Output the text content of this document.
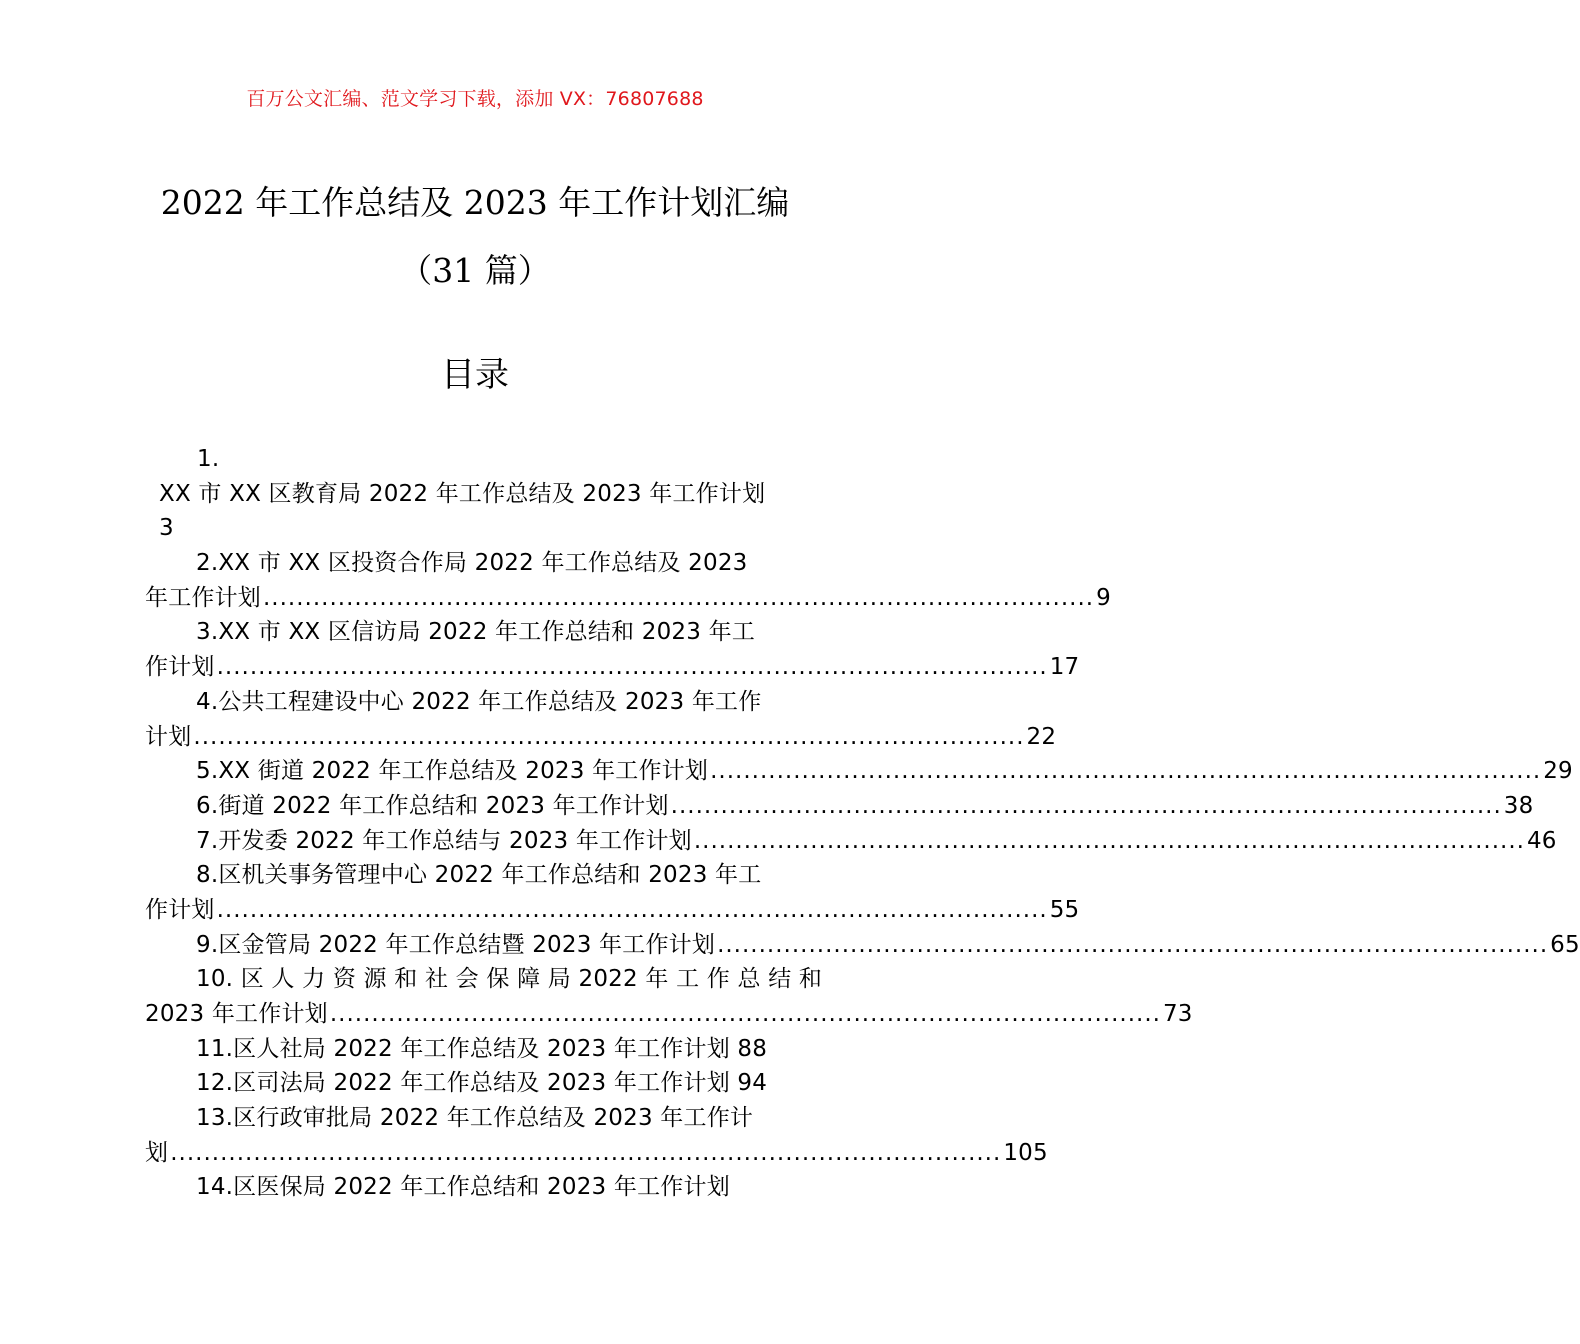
百万公文汇编、范文学习下载，添加 VX：76807688
2022 年工作总结及 2023 年工作计划汇编
（31 篇）
目录
1.
XX 市 XX 区教育局 2022 年工作总结及 2023 年工作计划
3
2.XX 市 XX 区投资合作局 2022 年工作总结及 2023
年工作计划 .................................................................................................... 9
3.XX 市 XX 区信访局 2022 年工作总结和 2023 年工
作计划 .................................................................................................... 17
4.公共工程建设中心 2022 年工作总结及 2023 年工作
计划 .................................................................................................... 22
5.XX 街道 2022 年工作总结及 2023 年工作计划 .................................................................................................... 29
6.街道 2022 年工作总结和 2023 年工作计划 .................................................................................................... 38
7.开发委 2022 年工作总结与 2023 年工作计划 .................................................................................................... 46
8.区机关事务管理中心 2022 年工作总结和 2023 年工
作计划 .................................................................................................... 55
9.区金管局 2022 年工作总结暨 2023 年工作计划 .................................................................................................... 65
10. 区 人 力 资 源 和 社 会 保 障 局 2022 年 工 作 总 结 和
2023 年工作计划 .................................................................................................... 73
11.区人社局 2022 年工作总结及 2023 年工作计划 88
12.区司法局 2022 年工作总结及 2023 年工作计划 94
13.区行政审批局 2022 年工作总结及 2023 年工作计
划 .................................................................................................... 105
14.区医保局 2022 年工作总结和 2023 年工作计划
